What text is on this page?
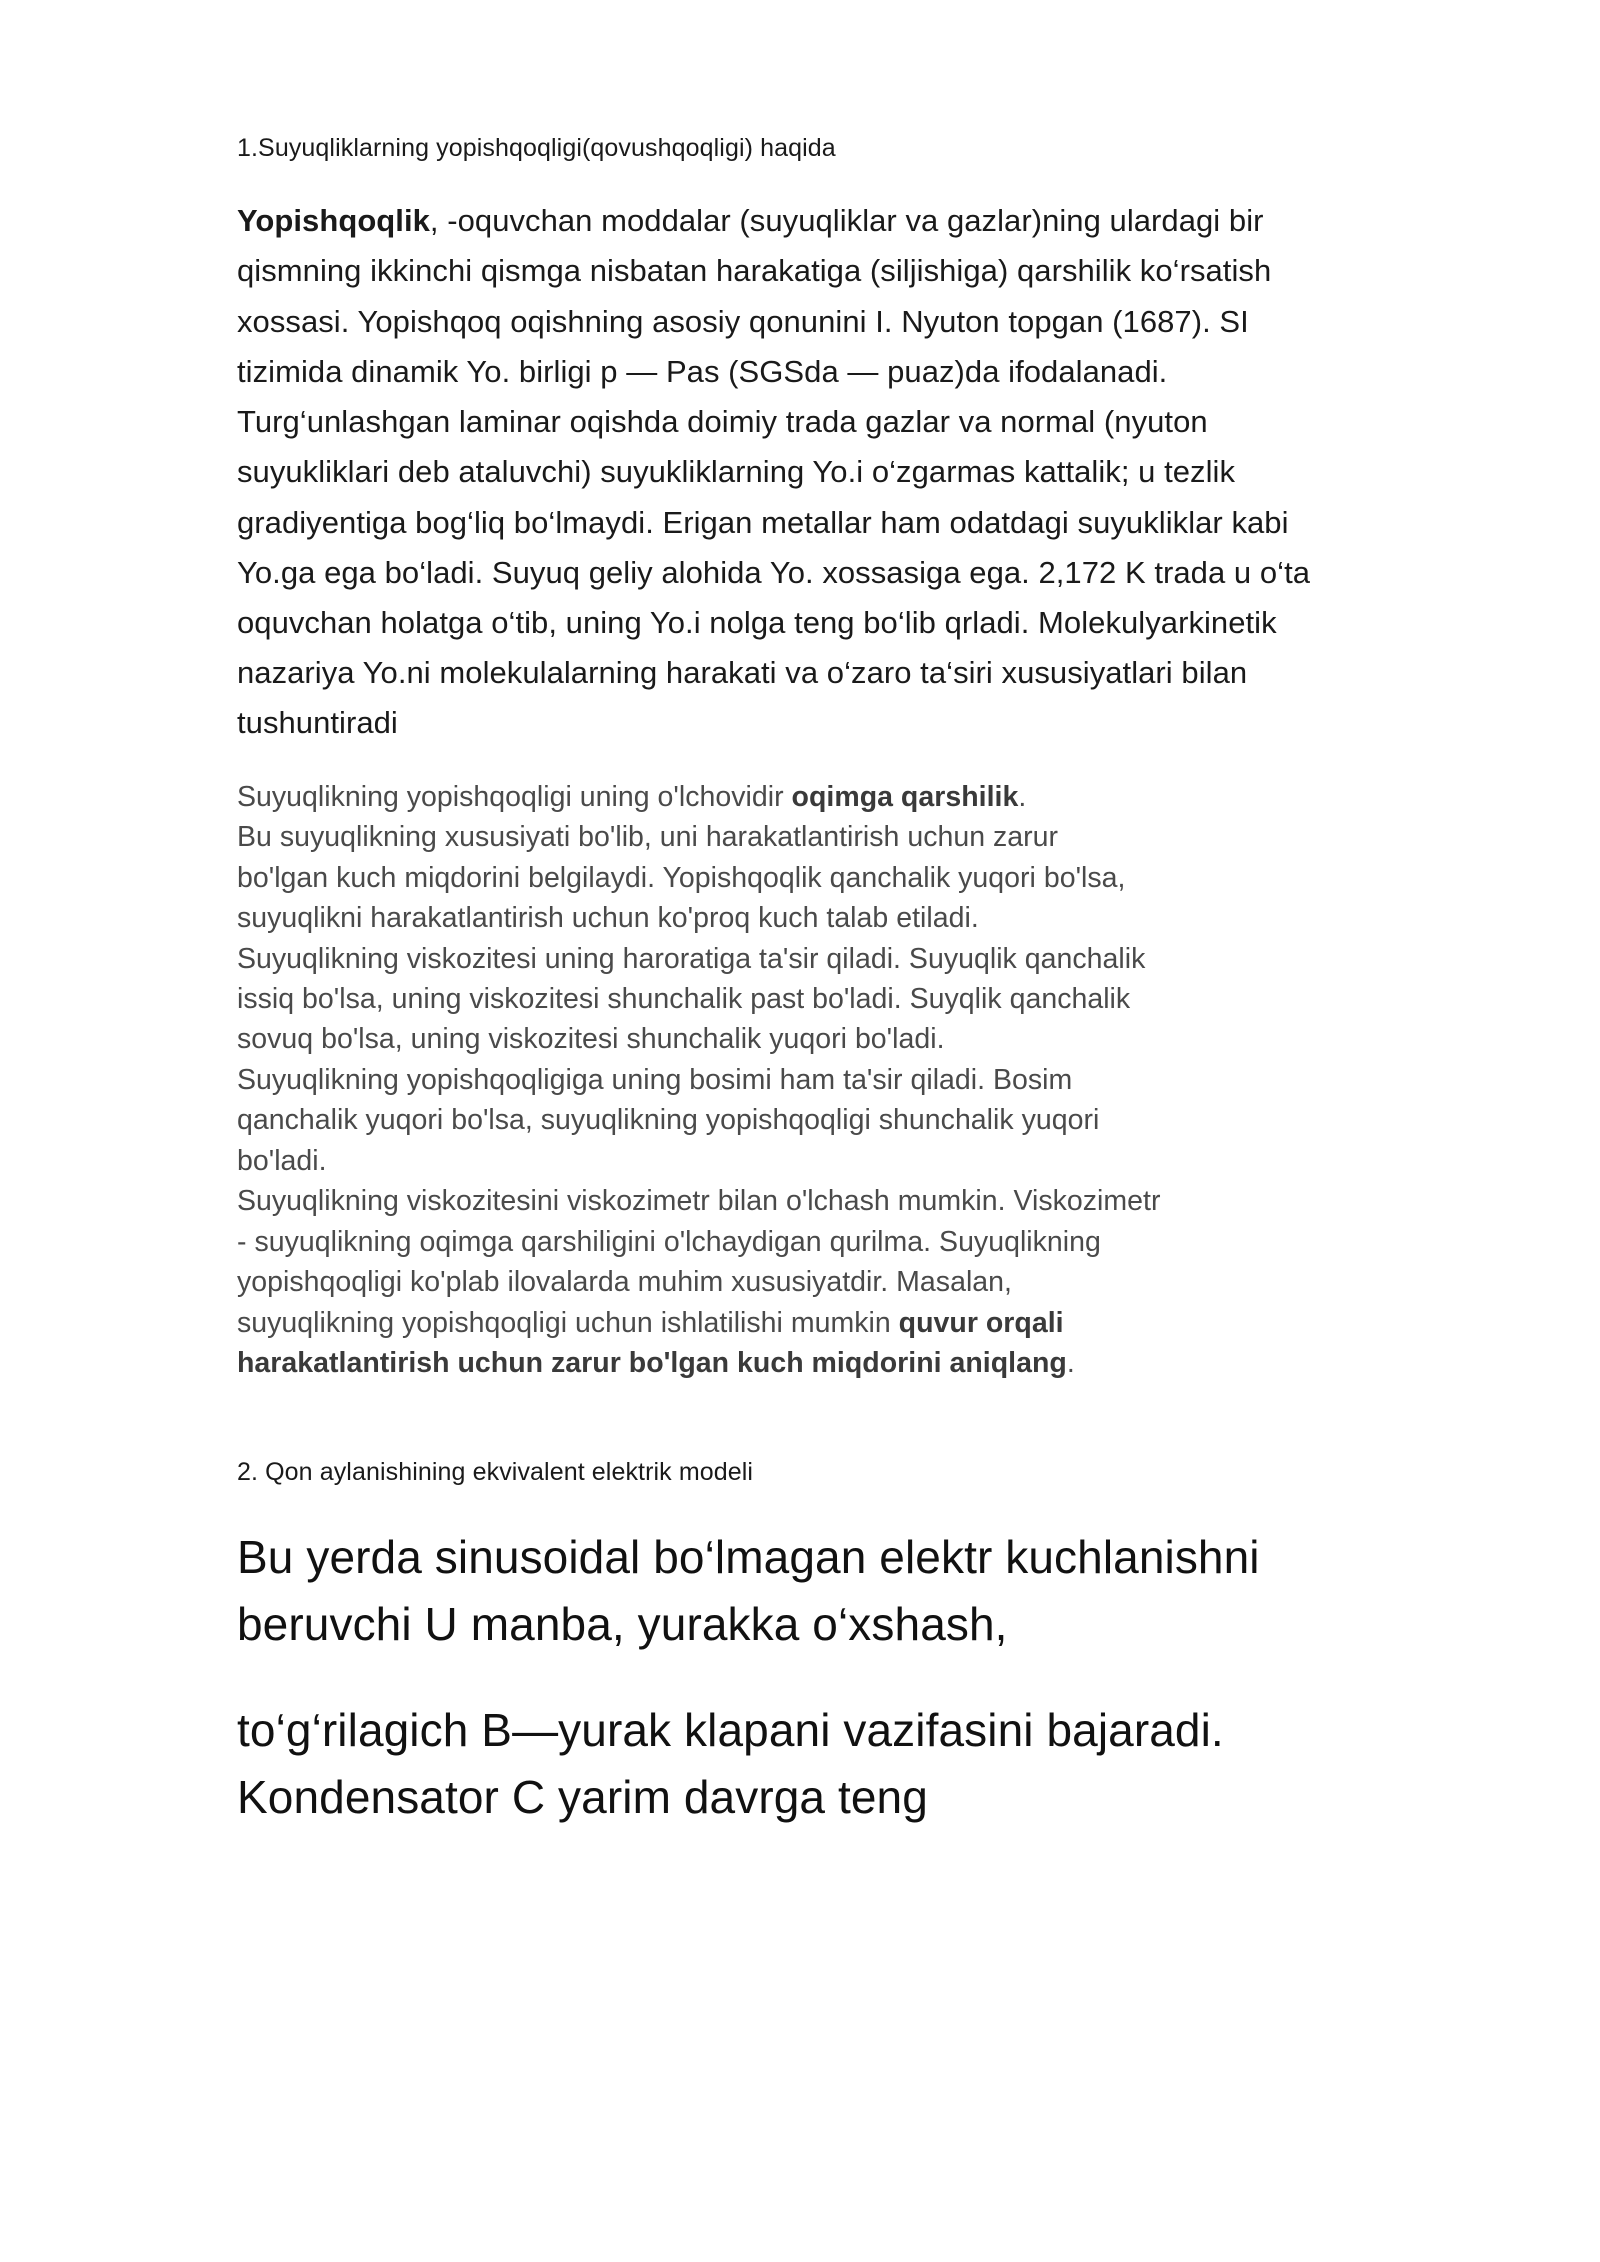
1.Suyuqliklarning yopishqoqligi(qovushqoqligi) haqida

Yopishqoqlik, -oquvchan moddalar (suyuqliklar va gazlar)ning ulardagi bir qismning ikkinchi qismga nisbatan harakatiga (siljishiga) qarshilik ko‘rsatish xossasi. Yopishqoq oqishning asosiy qonunini I. Nyuton topgan (1687). SI tizimida dinamik Yo. birligi p — Pas (SGSda — puaz)da ifodalanadi. Turg‘unlashgan laminar oqishda doimiy trada gazlar va normal (nyuton suyukliklari deb ataluvchi) suyukliklarning Yo.i o‘zgarmas kattalik; u tezlik gradiyentiga bog‘liq bo‘lmaydi. Erigan metallar ham odatdagi suyukliklar kabi Yo.ga ega bo‘ladi. Suyuq geliy alohida Yo. xossasiga ega. 2,172 K trada u o‘ta oquvchan holatga o‘tib, uning Yo.i nolga teng bo‘lib qrladi. Molekulyarkinetik nazariya Yo.ni molekulalarning harakati va o‘zaro ta‘siri xususiyatlari bilan tushuntiradi

Suyuqlikning yopishqoqligi uning o'lchovidir oqimga qarshilik.
Bu suyuqlikning xususiyati bo'lib, uni harakatlantirish uchun zarur
bo'lgan kuch miqdorini belgilaydi. Yopishqoqlik qanchalik yuqori bo'lsa,
suyuqlikni harakatlantirish uchun ko'proq kuch talab etiladi.
Suyuqlikning viskozitesi uning haroratiga ta'sir qiladi. Suyuqlik qanchalik
issiq bo'lsa, uning viskozitesi shunchalik past bo'ladi. Suyqlik qanchalik
sovuq bo'lsa, uning viskozitesi shunchalik yuqori bo'ladi.
Suyuqlikning yopishqoqligiga uning bosimi ham ta'sir qiladi. Bosim
qanchalik yuqori bo'lsa, suyuqlikning yopishqoqligi shunchalik yuqori
bo'ladi.
Suyuqlikning viskozitesini viskozimetr bilan o'lchash mumkin. Viskozimetr
- suyuqlikning oqimga qarshiligini o'lchaydigan qurilma. Suyuqlikning
yopishqoqligi ko'plab ilovalarda muhim xususiyatdir. Masalan,
suyuqlikning yopishqoqligi uchun ishlatilishi mumkin quvur orqali
harakatlantirish uchun zarur bo'lgan kuch miqdorini aniqlang.

2. Qon aylanishining ekvivalent elektrik modeli

Bu yerda sinusoidal bo‘lmagan elektr kuchlanishni beruvchi U manba, yurakka o‘xshash,

to‘g‘rilagich B—yurak klapani vazifasini bajaradi. Kondensator C yarim davrga teng
